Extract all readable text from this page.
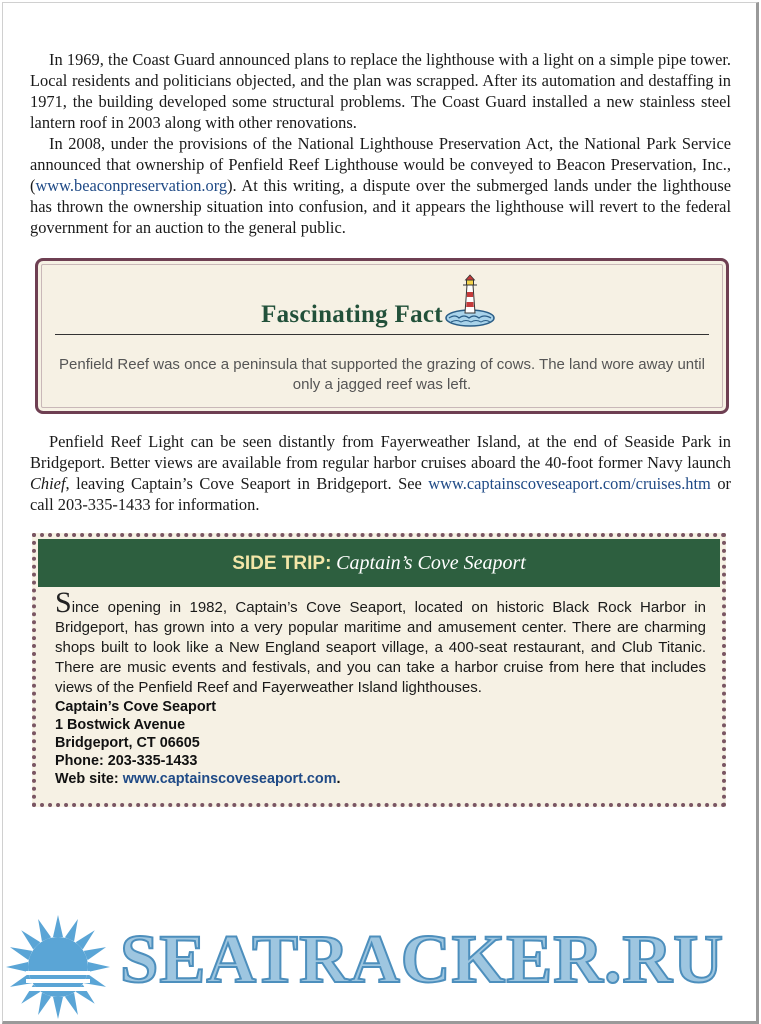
In 1969, the Coast Guard announced plans to replace the lighthouse with a light on a simple pipe tower. Local residents and politicians objected, and the plan was scrapped. After its automation and destaffing in 1971, the building developed some structural problems. The Coast Guard installed a new stainless steel lantern roof in 2003 along with other renovations.

In 2008, under the provisions of the National Lighthouse Preservation Act, the National Park Service announced that ownership of Penfield Reef Lighthouse would be conveyed to Beacon Preservation, Inc., (www.beaconpreservation.org). At this writing, a dispute over the submerged lands under the lighthouse has thrown the ownership situation into confusion, and it appears the lighthouse will revert to the federal government for an auction to the general public.

Fascinating Fact
Penfield Reef was once a peninsula that supported the grazing of cows. The land wore away until only a jagged reef was left.

Penfield Reef Light can be seen distantly from Fayerweather Island, at the end of Seaside Park in Bridgeport. Better views are available from regular harbor cruises aboard the 40-foot former Navy launch Chief, leaving Captain’s Cove Seaport in Bridgeport. See www.captainscoveseaport.com/cruises.htm or call 203-335-1433 for information.

SIDE TRIP: Captain’s Cove Seaport
Since opening in 1982, Captain’s Cove Seaport, located on historic Black Rock Harbor in Bridgeport, has grown into a very popular maritime and amusement center. There are charming shops built to look like a New England seaport village, a 400-seat restaurant, and Club Titanic. There are music events and festivals, and you can take a harbor cruise from here that includes views of the Penfield Reef and Fayerweather Island lighthouses.
Captain’s Cove Seaport
1 Bostwick Avenue
Bridgeport, CT 06605
Phone: 203-335-1433
Web site: www.captainscoveseaport.com.
SEATRACKER.RU
